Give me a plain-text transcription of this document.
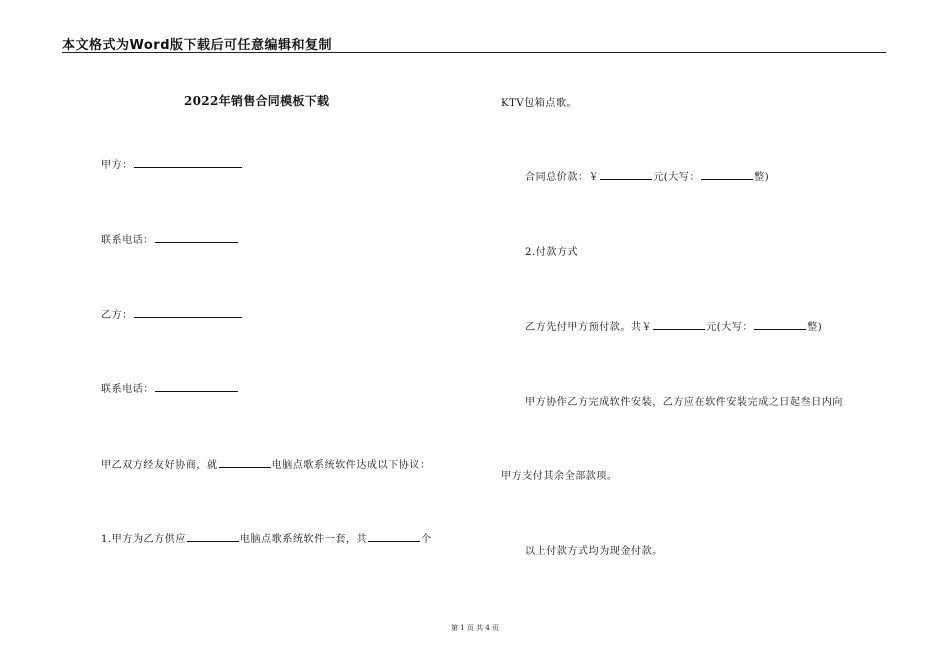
本文格式为Word版下载后可任意编辑和复制
2022年销售合同模板下载
甲方：
联系电话：
乙方：
联系电话：
甲乙双方经友好协商，就	电脑点歌系统软件达成以下协议：
1.甲方为乙方供应	电脑点歌系统软件一套，共	个
KTV包箱点歌。
合同总价款：￥	元(大写：	整)
2.付款方式
乙方先付甲方预付款。共￥	元(大写：	整)
甲方协作乙方完成软件安装，乙方应在软件安装完成之日起叁日内向
甲方支付其余全部款项。
以上付款方式均为现金付款。
第 1 页 共 4 页
